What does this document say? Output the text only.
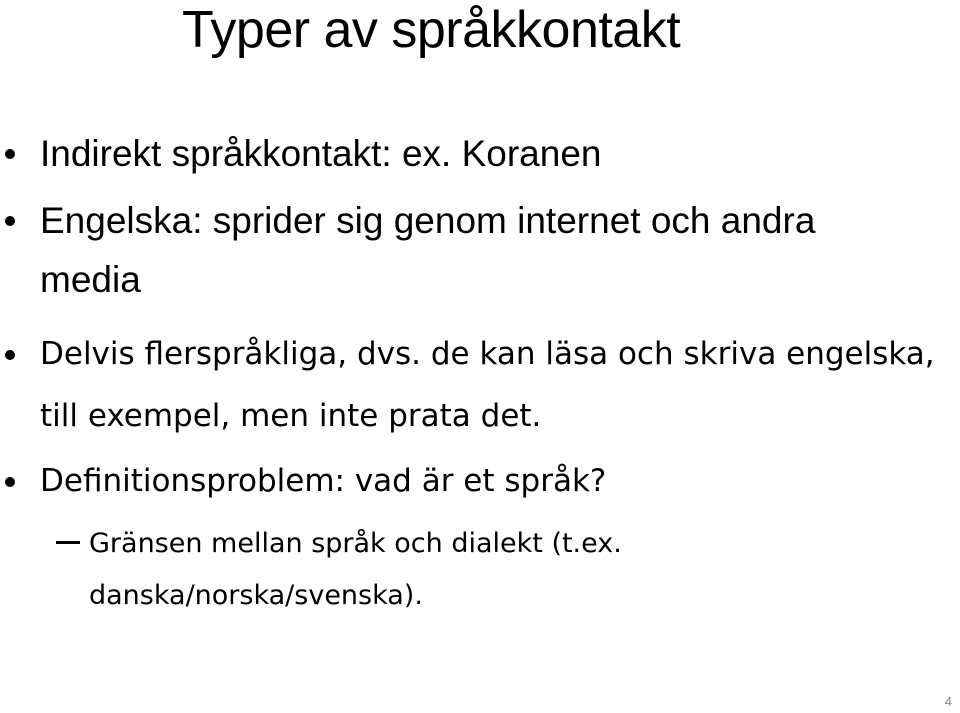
Typer av språkkontakt
Indirekt språkkontakt: ex. Koranen
Engelska: sprider sig genom internet och andra media
Delvis flerspråkliga, dvs. de kan läsa och skriva engelska, till exempel, men inte prata det.
Definitionsproblem: vad är et språk?
Gränsen mellan språk och dialekt (t.ex. danska/norska/svenska).
4
